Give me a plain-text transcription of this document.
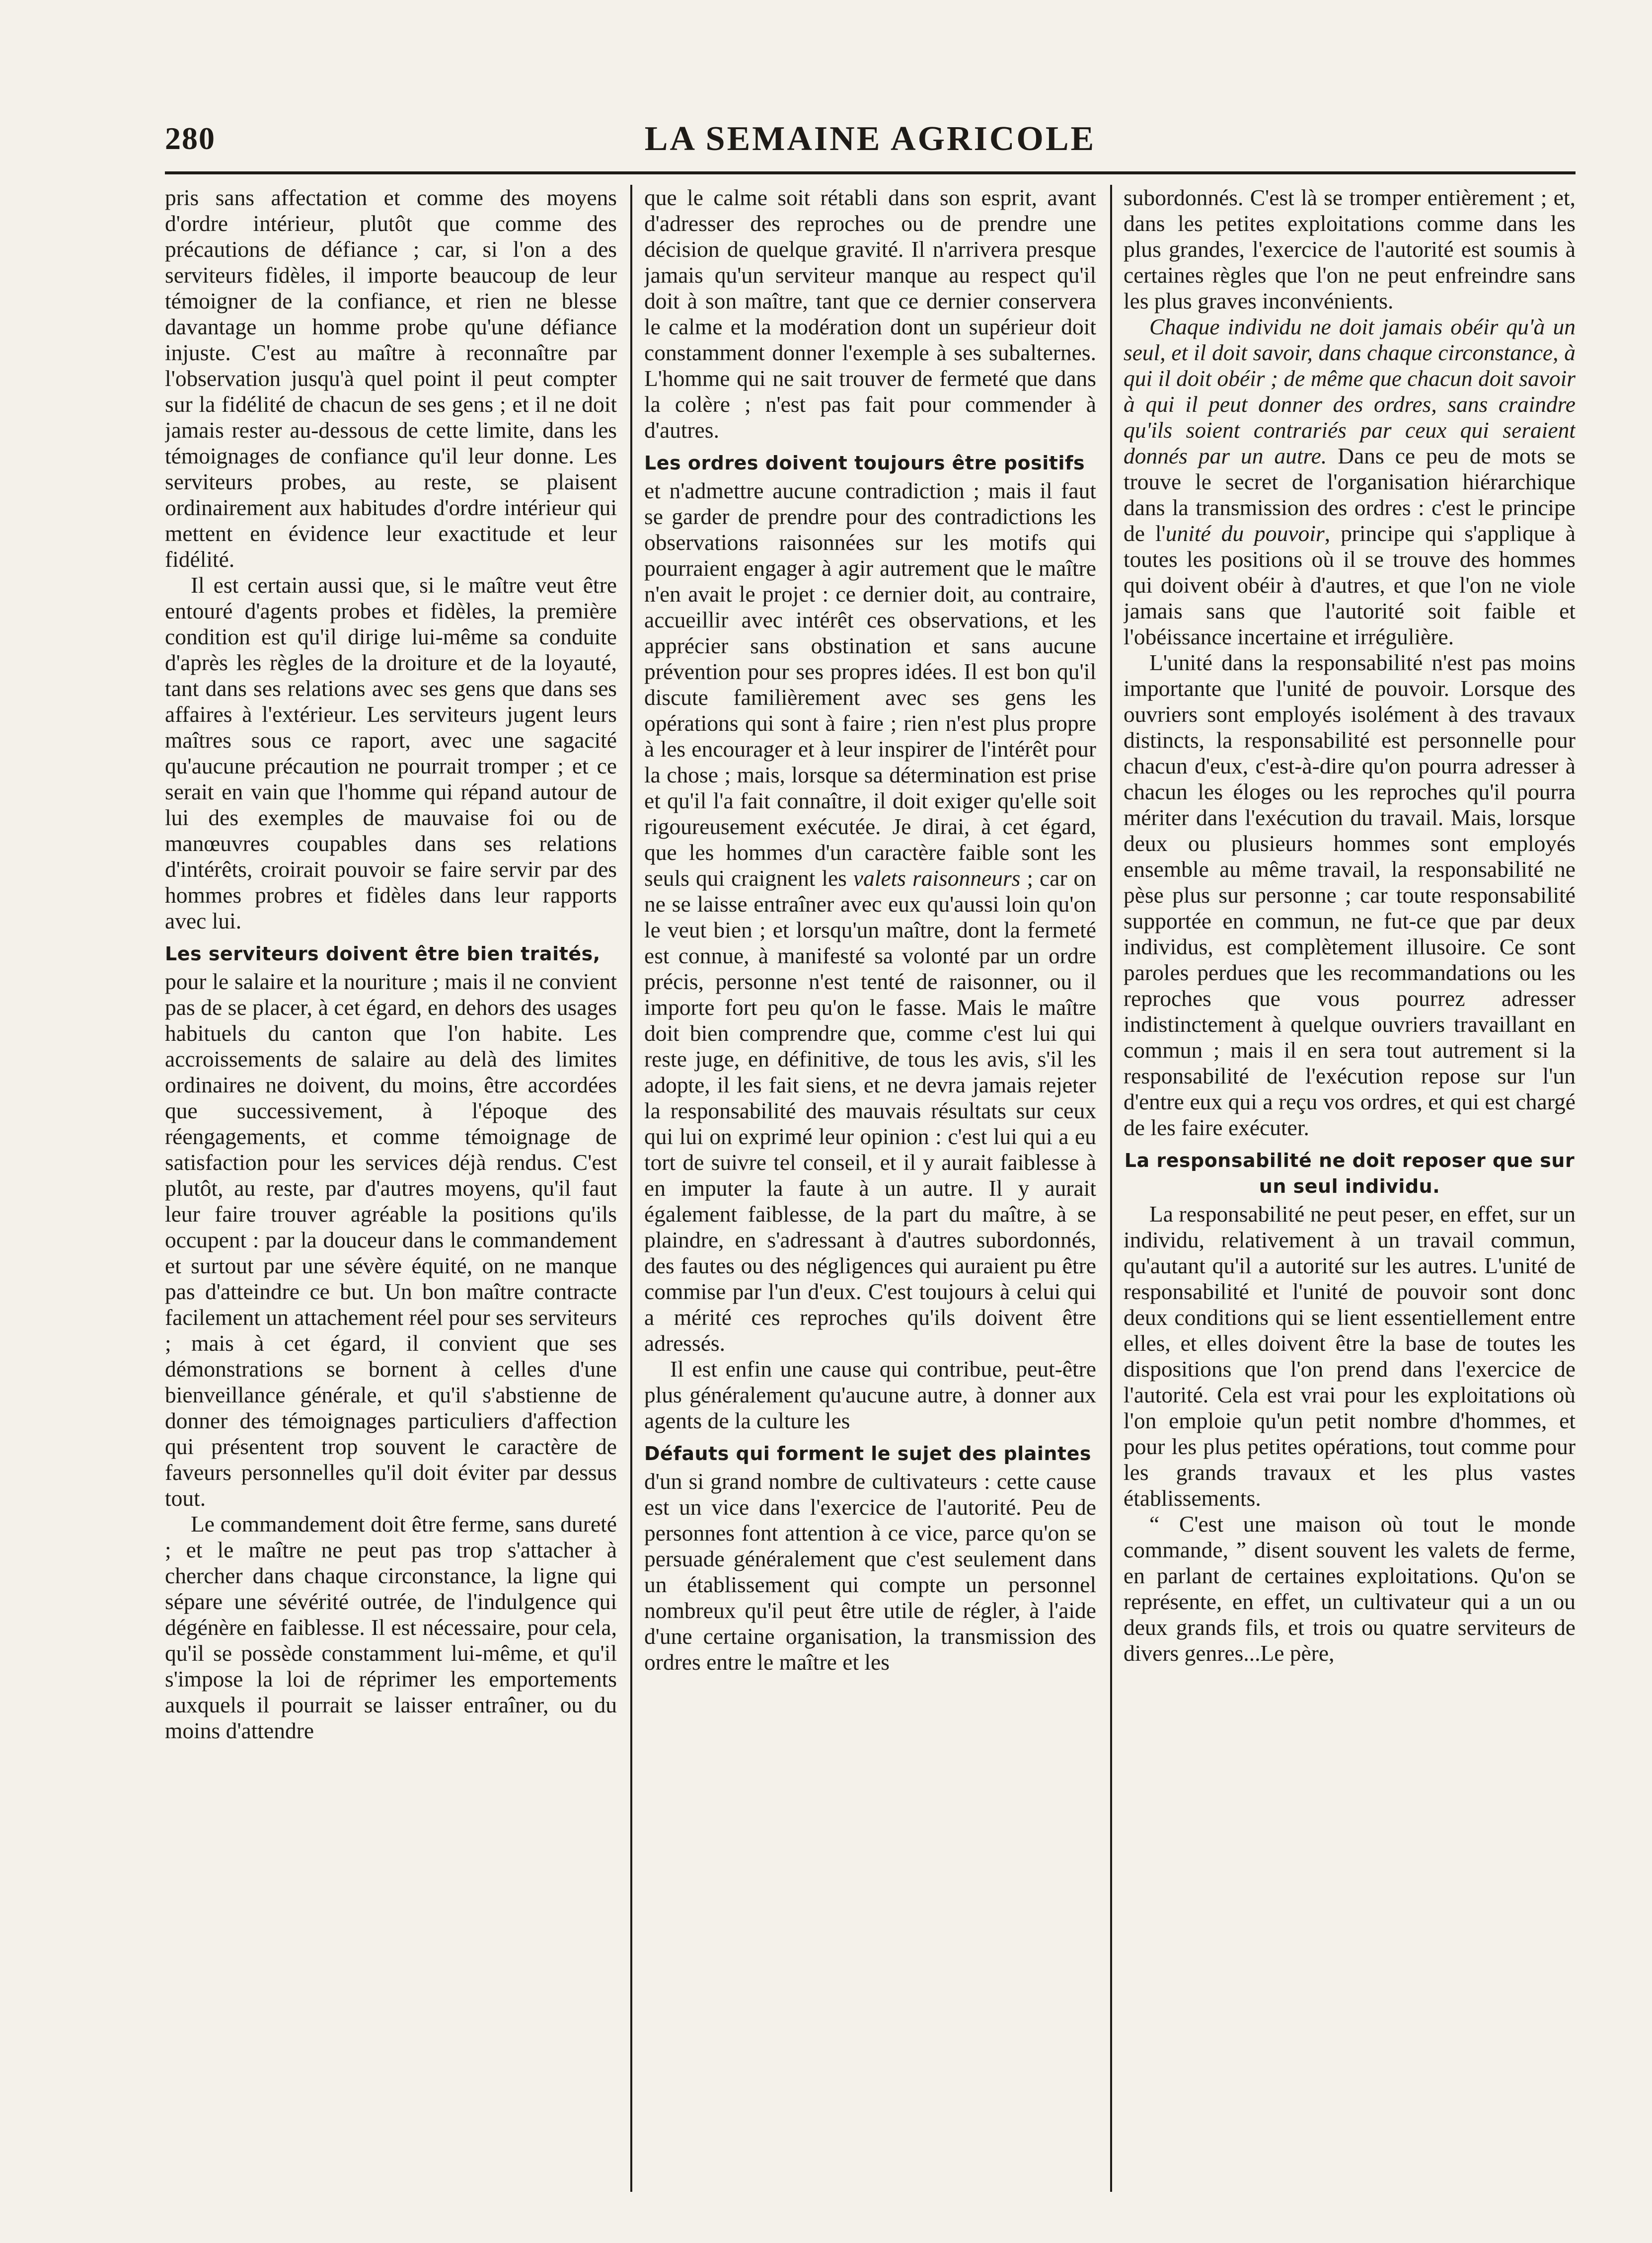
280	LA SEMAINE AGRICOLE

pris sans affectation et comme des moyens d'ordre intérieur, plutôt que comme des précautions de défiance ; car, si l'on a des serviteurs fidèles, il importe beaucoup de leur témoigner de la confiance, et rien ne blesse davantage un homme probe qu'une défiance injuste. C'est au maître à reconnaître par l'observation jusqu'à quel point il peut compter sur la fidélité de chacun de ses gens ; et il ne doit jamais rester au-dessous de cette limite, dans les témoignages de confiance qu'il leur donne. Les serviteurs probes, au reste, se plaisent ordinairement aux habitudes d'ordre intérieur qui mettent en évidence leur exactitude et leur fidélité.

Il est certain aussi que, si le maître veut être entouré d'agents probes et fidèles, la première condition est qu'il dirige lui-même sa conduite d'après les règles de la droiture et de la loyauté, tant dans ses relations avec ses gens que dans ses affaires à l'extérieur. Les serviteurs jugent leurs maîtres sous ce raport, avec une sagacité qu'aucune précaution ne pourrait tromper ; et ce serait en vain que l'homme qui répand autour de lui des exemples de mauvaise foi ou de manœuvres coupables dans ses relations d'intérêts, croirait pouvoir se faire servir par des hommes probres et fidèles dans leur rapports avec lui.

Les serviteurs doivent être bien traités,

pour le salaire et la nouriture ; mais il ne convient pas de se placer, à cet égard, en dehors des usages habituels du canton que l'on habite. Les accroissements de salaire au delà des limites ordinaires ne doivent, du moins, être accordées que successivement, à l'époque des réengagements, et comme témoignage de satisfaction pour les services déjà rendus. C'est plutôt, au reste, par d'autres moyens, qu'il faut leur faire trouver agréable la positions qu'ils occupent : par la douceur dans le commandement et surtout par une sévère équité, on ne manque pas d'atteindre ce but. Un bon maître contracte facilement un attachement réel pour ses serviteurs ; mais à cet égard, il convient que ses démonstrations se bornent à celles d'une bienveillance générale, et qu'il s'abstienne de donner des témoignages particuliers d'affection qui présentent trop souvent le caractère de faveurs personnelles qu'il doit éviter par dessus tout.

Le commandement doit être ferme, sans dureté ; et le maître ne peut pas trop s'attacher à chercher dans chaque circonstance, la ligne qui sépare une sévérité outrée, de l'indulgence qui dégénère en faiblesse. Il est nécessaire, pour cela, qu'il se possède constamment lui-même, et qu'il s'impose la loi de réprimer les emportements auxquels il pourrait se laisser entraîner, ou du moins d'attendre

que le calme soit rétabli dans son esprit, avant d'adresser des reproches ou de prendre une décision de quelque gravité. Il n'arrivera presque jamais qu'un serviteur manque au respect qu'il doit à son maître, tant que ce dernier conservera le calme et la modération dont un supérieur doit constamment donner l'exemple à ses subalternes. L'homme qui ne sait trouver de fermeté que dans la colère ; n'est pas fait pour commender à d'autres.

Les ordres doivent toujours être positifs

et n'admettre aucune contradiction ; mais il faut se garder de prendre pour des contradictions les observations raisonnées sur les motifs qui pourraient engager à agir autrement que le maître n'en avait le projet : ce dernier doit, au contraire, accueillir avec intérêt ces observations, et les apprécier sans obstination et sans aucune prévention pour ses propres idées. Il est bon qu'il discute familièrement avec ses gens les opérations qui sont à faire ; rien n'est plus propre à les encourager et à leur inspirer de l'intérêt pour la chose ; mais, lorsque sa détermination est prise et qu'il l'a fait connaître, il doit exiger qu'elle soit rigoureusement exécutée. Je dirai, à cet égard, que les hommes d'un caractère faible sont les seuls qui craignent les valets raisonneurs ; car on ne se laisse entraîner avec eux qu'aussi loin qu'on le veut bien ; et lorsqu'un maître, dont la fermeté est connue, à manifesté sa volonté par un ordre précis, personne n'est tenté de raisonner, ou il importe fort peu qu'on le fasse. Mais le maître doit bien comprendre que, comme c'est lui qui reste juge, en définitive, de tous les avis, s'il les adopte, il les fait siens, et ne devra jamais rejeter la responsabilité des mauvais résultats sur ceux qui lui on exprimé leur opinion : c'est lui qui a eu tort de suivre tel conseil, et il y aurait faiblesse à en imputer la faute à un autre. Il y aurait également faiblesse, de la part du maître, à se plaindre, en s'adressant à d'autres subordonnés, des fautes ou des négligences qui auraient pu être commise par l'un d'eux. C'est toujours à celui qui a mérité ces reproches qu'ils doivent être adressés.

Il est enfin une cause qui contribue, peut-être plus généralement qu'aucune autre, à donner aux agents de la culture les

Défauts qui forment le sujet des plaintes

d'un si grand nombre de cultivateurs : cette cause est un vice dans l'exercice de l'autorité. Peu de personnes font attention à ce vice, parce qu'on se persuade généralement que c'est seulement dans un établissement qui compte un personnel nombreux qu'il peut être utile de régler, à l'aide d'une certaine organisation, la transmission des ordres entre le maître et les

subordonnés. C'est là se tromper entièrement ; et, dans les petites exploitations comme dans les plus grandes, l'exercice de l'autorité est soumis à certaines règles que l'on ne peut enfreindre sans les plus graves inconvénients.

Chaque individu ne doit jamais obéir qu'à un seul, et il doit savoir, dans chaque circonstance, à qui il doit obéir ; de même que chacun doit savoir à qui il peut donner des ordres, sans craindre qu'ils soient contrariés par ceux qui seraient donnés par un autre. Dans ce peu de mots se trouve le secret de l'organisation hiérarchique dans la transmission des ordres : c'est le principe de l'unité du pouvoir, principe qui s'applique à toutes les positions où il se trouve des hommes qui doivent obéir à d'autres, et que l'on ne viole jamais sans que l'autorité soit faible et l'obéissance incertaine et irrégulière.

L'unité dans la responsabilité n'est pas moins importante que l'unité de pouvoir. Lorsque des ouvriers sont employés isolément à des travaux distincts, la responsabilité est personnelle pour chacun d'eux, c'est-à-dire qu'on pourra adresser à chacun les éloges ou les reproches qu'il pourra mériter dans l'exécution du travail. Mais, lorsque deux ou plusieurs hommes sont employés ensemble au même travail, la responsabilité ne pèse plus sur personne ; car toute responsabilité supportée en commun, ne fut-ce que par deux individus, est complètement illusoire. Ce sont paroles perdues que les recommandations ou les reproches que vous pourrez adresser indistinctement à quelque ouvriers travaillant en commun ; mais il en sera tout autrement si la responsabilité de l'exécution repose sur l'un d'entre eux qui a reçu vos ordres, et qui est chargé de les faire exécuter.

La responsabilité ne doit reposer que sur un seul individu.

La responsabilité ne peut peser, en effet, sur un individu, relativement à un travail commun, qu'autant qu'il a autorité sur les autres. L'unité de responsabilité et l'unité de pouvoir sont donc deux conditions qui se lient essentiellement entre elles, et elles doivent être la base de toutes les dispositions que l'on prend dans l'exercice de l'autorité. Cela est vrai pour les exploitations où l'on emploie qu'un petit nombre d'hommes, et pour les plus petites opérations, tout comme pour les grands travaux et les plus vastes établissements.

“ C'est une maison où tout le monde commande, ” disent souvent les valets de ferme, en parlant de certaines exploitations. Qu'on se représente, en effet, un cultivateur qui a un ou deux grands fils, et trois ou quatre serviteurs de divers genres...Le père,
